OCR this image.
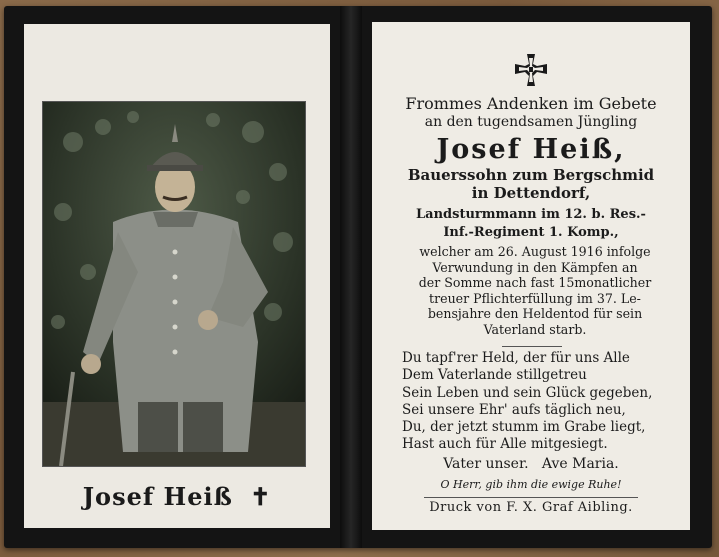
Josef Heiß ✝
Frommes Andenken im Gebete
an den tugendsamen Jüngling
Josef Heiß,
Bauerssohn zum Bergschmid
in Dettendorf,
Landsturmmann im 12. b. Res.-
Inf.-Regiment 1. Komp.,
welcher am 26. August 1916 infolge
Verwundung in den Kämpfen an
der Somme nach fast 15monatlicher
treuer Pflichterfüllung im 37. Le-
bensjahre den Heldentod für sein
Vaterland starb.
Du tapf'rer Held, der für uns Alle
Dem Vaterlande stillgetreu
Sein Leben und sein Glück gegeben,
Sei unsere Ehr' aufs täglich neu,
Du, der jetzt stumm im Grabe liegt,
Hast auch für Alle mitgesiegt.
Vater unser.   Ave Maria.
O Herr, gib ihm die ewige Ruhe!
Druck von F. X. Graf Aibling.
